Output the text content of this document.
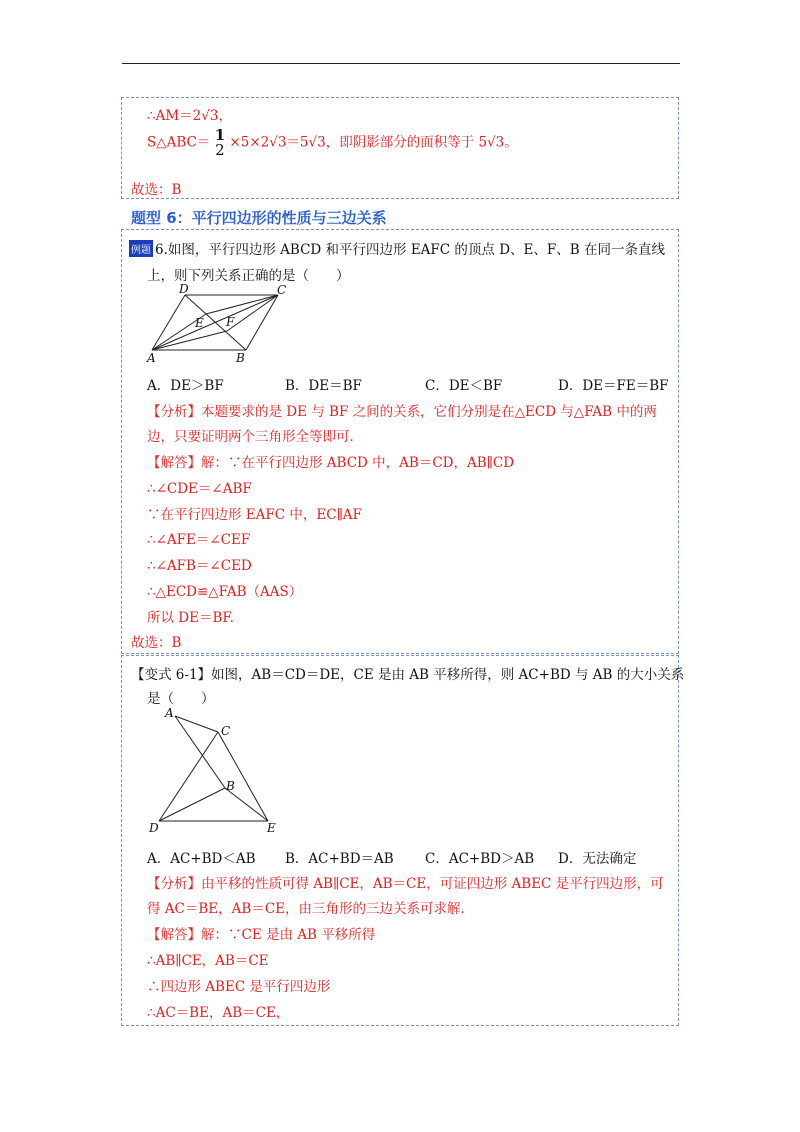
∴AM＝2√3，
S△ABC＝ 1
2 ×5×2√3＝5√3，即阴影部分的面积等于 5√3。
故选：B
题型 6：平行四边形的性质与三边关系
例题 6.如图，平行四边形 ABCD 和平行四边形 EAFC 的顶点 D、E、F、B 在同一条直线
上，则下列关系正确的是（　　）
D	C
E F
A	B
A．DE＞BF	B．DE＝BF	C．DE＜BF	D．DE＝FE＝BF
【分析】本题要求的是 DE 与 BF 之间的关系，它们分别是在△ECD 与△FAB 中的两
边，只要证明两个三角形全等即可．
【解答】解：∵在平行四边形 ABCD 中，AB＝CD，AB∥CD
∴∠CDE＝∠ABF
∵在平行四边形 EAFC 中，EC∥AF
∴∠AFE＝∠CEF
∴∠AFB＝∠CED
∴△ECD≌△FAB（AAS）
所以 DE＝BF.
故选：B
【变式 6-1】如图，AB＝CD＝DE，CE 是由 AB 平移所得，则 AC+BD 与 AB 的大小关系
是（　　）
A
C
B
D	E
A．AC+BD＜AB B．AC+BD＝AB C．AC+BD＞AB D．无法确定
【分析】由平移的性质可得 AB∥CE，AB＝CE，可证四边形 ABEC 是平行四边形，可
得 AC＝BE，AB＝CE，由三角形的三边关系可求解．
【解答】解：∵CE 是由 AB 平移所得
∴AB∥CE，AB＝CE
∴四边形 ABEC 是平行四边形
∴AC＝BE，AB＝CE，
